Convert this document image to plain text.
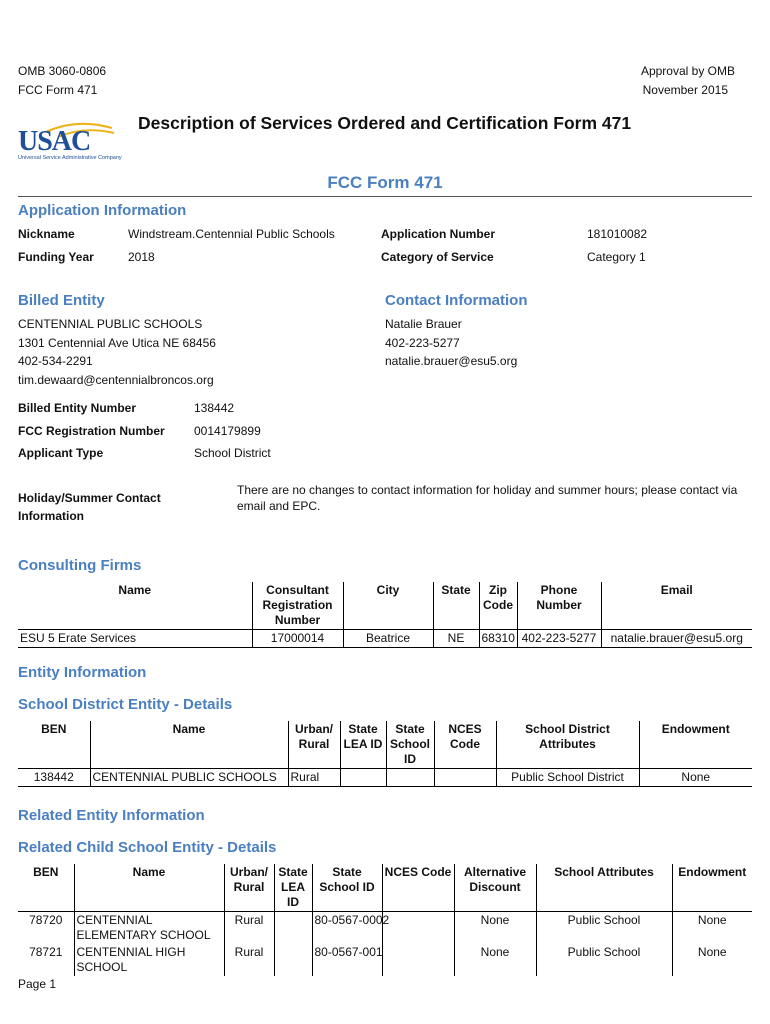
OMB 3060-0806
FCC Form 471
Approval by OMB
November 2015
USAC
Universal Service Administrative Company
Description of Services Ordered and Certification Form 471
FCC Form 471
Application Information
Nickname	Windstream.Centennial Public Schools
Funding Year	2018
Application Number	181010082
Category of Service	Category 1
Billed Entity
CENTENNIAL PUBLIC SCHOOLS
1301 Centennial Ave Utica NE 68456
402-534-2291
tim.dewaard@centennialbroncos.org
Contact Information
Natalie Brauer
402-223-5277
natalie.brauer@esu5.org
Billed Entity Number	138442
FCC Registration Number 0014179899
Applicant Type	School District
Holiday/Summer Contact
Information
There are no changes to contact information for holiday and summer hours; please contact via email and EPC.
Consulting Firms
Name	Consultant Registration Number	City	State	Zip Code	Phone Number	Email
ESU 5 Erate Services	17000014	Beatrice	NE	68310	402-223-5277	natalie.brauer@esu5.org
Entity Information
School District Entity - Details
BEN	Name	Urban/ Rural	State LEA ID	State School ID	NCES Code	School District Attributes	Endowment
138442	CENTENNIAL PUBLIC SCHOOLS	Rural				Public School District	None
Related Entity Information
Related Child School Entity - Details
BEN	Name	Urban/ Rural	State LEA ID	State School ID	NCES Code	Alternative Discount	School Attributes	Endowment
78720	CENTENNIAL ELEMENTARY SCHOOL	Rural		80-0567-0002		None	Public School	None
78721	CENTENNIAL HIGH SCHOOL	Rural		80-0567-001		None	Public School	None
Page 1
